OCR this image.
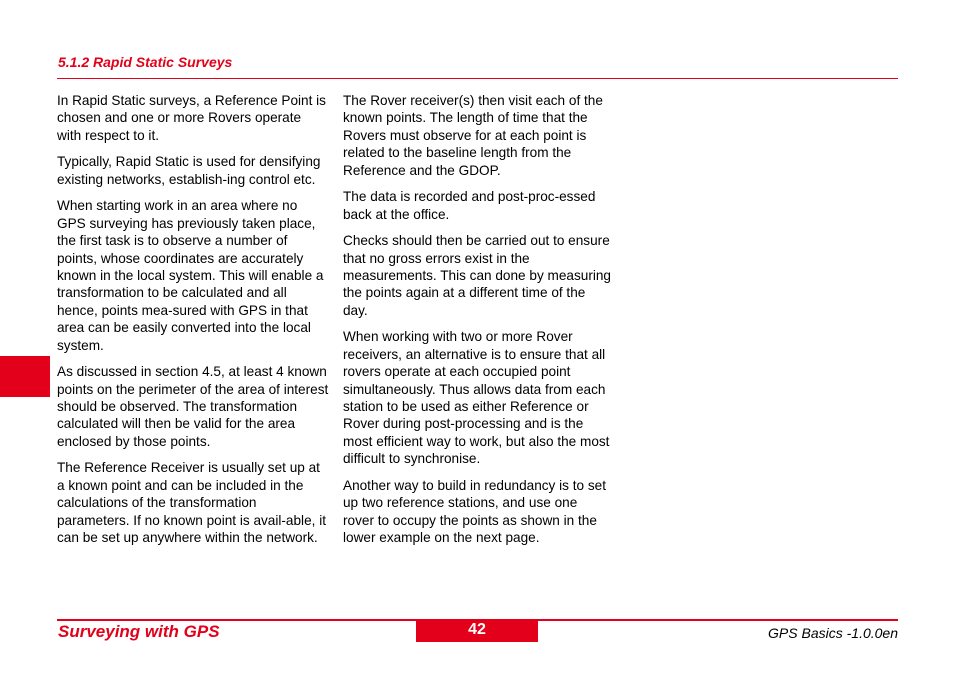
5.1.2 Rapid Static Surveys

In Rapid Static surveys, a Reference Point is chosen and one or more Rovers operate with respect to it.

Typically, Rapid Static is used for densifying existing networks, establish-ing control etc.

When starting work in an area where no GPS surveying has previously taken place, the first task is to observe a number of points, whose coordinates are accurately known in the local system. This will enable a transformation to be calculated and all hence, points mea-sured with GPS in that area can be easily converted into the local system.

As discussed in section 4.5, at least 4 known points on the perimeter of the area of interest should be observed. The transformation calculated will then be valid for the area enclosed by those points.

The Reference Receiver is usually set up at a known point and can be included in the calculations of the transformation parameters. If no known point is avail-able, it can be set up anywhere within the network.

The Rover receiver(s) then visit each of the known points. The length of time that the Rovers must observe for at each point is related to the baseline length from the Reference and the GDOP.

The data is recorded and post-proc-essed back at the office.

Checks should then be carried out to ensure that no gross errors exist in the measurements. This can done by measuring the points again at a different time of the day.

When working with two or more Rover receivers, an alternative is to ensure that all rovers operate at each occupied point simultaneously. Thus allows data from each station to be used as either Reference or Rover during post-processing and is the most efficient way to work, but also the most difficult to synchronise.

Another way to build in redundancy is to set up two reference stations, and use one rover to occupy the points as shown in the lower example on the next page.

Surveying with GPS	42	GPS Basics -1.0.0en
